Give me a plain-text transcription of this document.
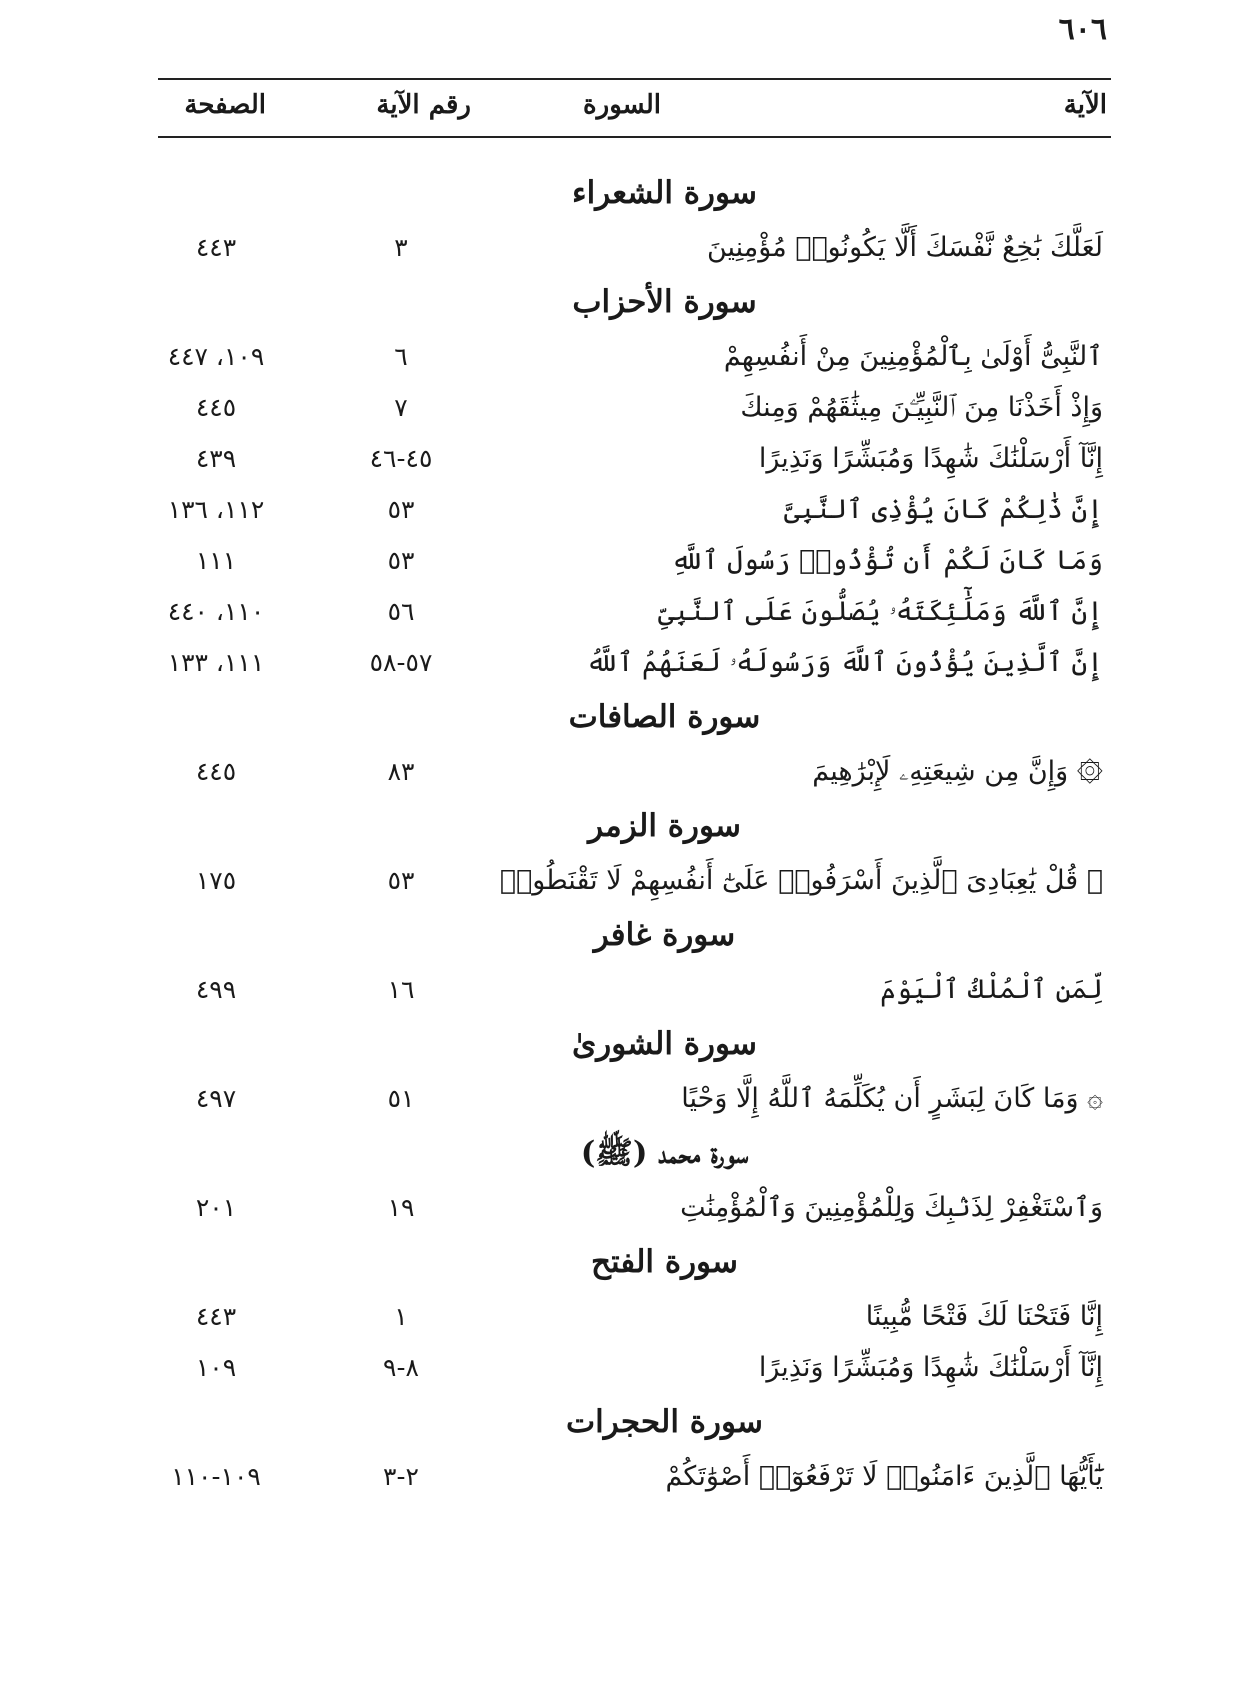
٦٠٦
الآية
السورة
رقم الآية
الصفحة
سورة الشعراء
لَعَلَّكَ بَٰخِعٌ نَّفْسَكَ أَلَّا يَكُونُوا۟ مُؤْمِنِينَ
٣
٤٤٣
سورة الأحزاب
ٱلنَّبِىُّ أَوْلَىٰ بِٱلْمُؤْمِنِينَ مِنْ أَنفُسِهِمْ
٦
١٠٩، ٤٤٧
وَإِذْ أَخَذْنَا مِنَ ٱلنَّبِيِّـۧنَ مِيثَٰقَهُمْ وَمِنكَ
٧
٤٤٥
إِنَّآ أَرْسَلْنَٰكَ شَٰهِدًا وَمُبَشِّرًا وَنَذِيرًا
٤٥-٤٦
٤٣٩
إِنَّ ذَٰلِكُمْ كَانَ يُؤْذِى ٱلنَّبِىَّ
٥٣
١١٢، ١٣٦
وَمَا كَانَ لَكُمْ أَن تُؤْذُوا۟ رَسُولَ ٱللَّهِ
٥٣
١١١
إِنَّ ٱللَّهَ وَمَلَٰٓئِكَتَهُۥ يُصَلُّونَ عَلَى ٱلنَّبِىِّ
٥٦
١١٠، ٤٤٠
إِنَّ ٱلَّذِينَ يُؤْذُونَ ٱللَّهَ وَرَسُولَهُۥ لَعَنَهُمُ ٱللَّهُ
٥٧-٥٨
١١١، ١٣٣
سورة الصافات
۞ وَإِنَّ مِن شِيعَتِهِۦ لَإِبْرَٰهِيمَ
٨٣
٤٤٥
سورة الزمر
۞ قُلْ يَٰعِبَادِىَ ٱلَّذِينَ أَسْرَفُوا۟ عَلَىٰٓ أَنفُسِهِمْ لَا تَقْنَطُوا۟
٥٣
١٧٥
سورة غافر
لِّمَنِ ٱلْمُلْكُ ٱلْيَوْمَ
١٦
٤٩٩
سورة الشورىٰ
۞ وَمَا كَانَ لِبَشَرٍ أَن يُكَلِّمَهُ ٱللَّهُ إِلَّا وَحْيًا
٥١
٤٩٧
سورة محمد (ﷺ)
وَٱسْتَغْفِرْ لِذَنۢبِكَ وَلِلْمُؤْمِنِينَ وَٱلْمُؤْمِنَٰتِ
١٩
٢٠١
سورة الفتح
إِنَّا فَتَحْنَا لَكَ فَتْحًا مُّبِينًا
١
٤٤٣
إِنَّآ أَرْسَلْنَٰكَ شَٰهِدًا وَمُبَشِّرًا وَنَذِيرًا
٨-٩
١٠٩
سورة الحجرات
يَٰٓأَيُّهَا ٱلَّذِينَ ءَامَنُوا۟ لَا تَرْفَعُوٓا۟ أَصْوَٰتَكُمْ
٢-٣
١٠٩-١١٠
